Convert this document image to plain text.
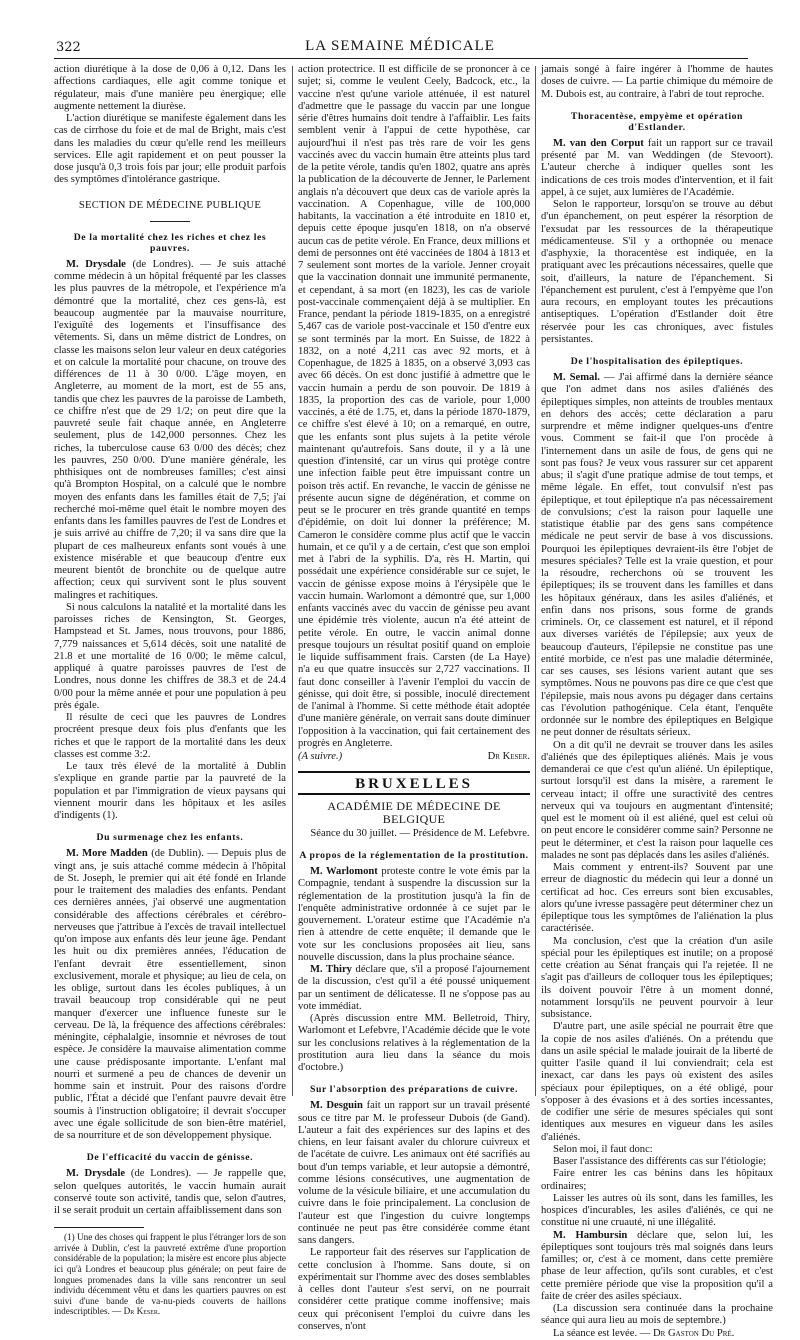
322	LA SEMAINE MÉDICALE

action diurétique à la dose de 0,06 à 0,12. Dans les affections cardiaques, elle agit comme tonique et régulateur, mais d'une manière peu énergique; elle augmente nettement la diurèse.

L'action diurétique se manifeste également dans les cas de cirrhose du foie et de mal de Bright, mais c'est dans les maladies du cœur qu'elle rend les meilleurs services. Elle agit rapidement et on peut pousser la dose jusqu'à 0,3 trois fois par jour; elle produit parfois des symptômes d'intolérance gastrique.

SECTION DE MÉDECINE PUBLIQUE
De la mortalité chez les riches et chez les pauvres.

M. Drysdale (de Londres). — Je suis attaché comme médecin à un hôpital fréquenté par les classes les plus pauvres de la métropole, et l'expérience m'a démontré que la mortalité, chez ces gens-là, est beaucoup augmentée par la mauvaise nourriture, l'exiguïté des logements et l'insuffisance des vêtements. Si, dans un même district de Londres, on classe les maisons selon leur valeur en deux catégories et on calcule la mortalité pour chacune, on trouve des différences de 11 à 30 0/00. L'âge moyen, en Angleterre, au moment de la mort, est de 55 ans, tandis que chez les pauvres de la paroisse de Lambeth, ce chiffre n'est que de 29 1/2; on peut dire que la pauvreté seule fait chaque année, en Angleterre seulement, plus de 142,000 personnes. Chez les riches, la tuberculose cause 63 0/00 des décès; chez les pauvres, 250 0/00. D'une manière générale, les phthisiques ont de nombreuses familles; c'est ainsi qu'à Brompton Hospital, on a calculé que le nombre moyen des enfants dans les familles était de 7,5; j'ai recherché moi-même quel était le nombre moyen des enfants dans les familles pauvres de l'est de Londres et je suis arrivé au chiffre de 7,20; il va sans dire que la plupart de ces malheureux enfants sont voués à une existence misérable et que beaucoup d'entre eux meurent bientôt de bronchite ou de quelque autre affection; ceux qui survivent sont le plus souvent malingres et rachitiques.

Si nous calculons la natalité et la mortalité dans les paroisses riches de Kensington, St. Georges, Hampstead et St. James, nous trouvons, pour 1886, 7,779 naissances et 5,614 décès, soit une natalité de 21.8 et une mortalité de 16 0/00; le même calcul, appliqué à quatre paroisses pauvres de l'est de Londres, nous donne les chiffres de 38.3 et de 24.4 0/00 pour la même année et pour une population à peu près égale.

Il résulte de ceci que les pauvres de Londres procréent presque deux fois plus d'enfants que les riches et que le rapport de la mortalité dans les deux classes est comme 3:2.

Le taux très élevé de la mortalité à Dublin s'explique en grande partie par la pauvreté de la population et par l'immigration de vieux paysans qui viennent mourir dans les hôpitaux et les asiles d'indigents (1).

Du surmenage chez les enfants.

M. More Madden (de Dublin). — Depuis plus de vingt ans, je suis attaché comme médecin à l'hôpital de St. Joseph, le premier qui ait été fondé en Irlande pour le traitement des maladies des enfants. Pendant ces dernières années, j'ai observé une augmentation considérable des affections cérébrales et cérébro-nerveuses que j'attribue à l'excès de travail intellectuel qu'on impose aux enfants dès leur jeune âge. Pendant les huit ou dix premières années, l'éducation de l'enfant devrait être essentiellement, sinon exclusivement, morale et physique; au lieu de cela, on les oblige, surtout dans les écoles publiques, à un travail beaucoup trop considérable qui ne peut manquer d'exercer une influence funeste sur le cerveau. De là, la fréquence des affections cérébrales: méningite, céphalalgie, insomnie et névroses de tout espèce. Je considère la mauvaise alimentation comme une cause prédisposante importante. L'enfant mal nourri et surmené a peu de chances de devenir un homme sain et instruit. Pour des raisons d'ordre public, l'État a décidé que l'enfant pauvre devait être soumis à l'instruction obligatoire; il devrait s'occuper avec une égale sollicitude de son bien-être matériel, de sa nourriture et de son développement physique.

De l'efficacité du vaccin de génisse.

M. Drysdale (de Londres). — Je rappelle que, selon quelques autorités, le vaccin humain aurait conservé toute son activité, tandis que, selon d'autres, il se serait produit un certain affaiblissement dans son

(1) Une des choses qui frappent le plus l'étranger lors de son arrivée à Dublin, c'est la pauvreté extrême d'une proportion considérable de la population; la misère est encore plus abjecte ici qu'à Londres et beaucoup plus générale; on peut faire de longues promenades dans la ville sans rencontrer un seul individu décemment vêtu et dans les quartiers pauvres on est suivi d'une bande de va-nu-pieds couverts de haillons indescriptibles. — Dr Keser.

action protectrice. Il est difficile de se prononcer à ce sujet; si, comme le veulent Ceely, Badcock, etc., la vaccine n'est qu'une variole atténuée, il est naturel d'admettre que le passage du vaccin par une longue série d'êtres humains doit tendre à l'affaiblir. Les faits semblent venir à l'appui de cette hypothèse, car aujourd'hui il n'est pas très rare de voir les gens vaccinés avec du vaccin humain être atteints plus tard de la petite vérole, tandis qu'en 1802, quatre ans après la publication de la découverte de Jenner, le Parlement anglais n'a découvert que deux cas de variole après la vaccination. A Copenhague, ville de 100,000 habitants, la vaccination a été introduite en 1810 et, depuis cette époque jusqu'en 1818, on n'a observé aucun cas de petite vérole. En France, deux millions et demi de personnes ont été vaccinées de 1804 à 1813 et 7 seulement sont mortes de la variole. Jenner croyait que la vaccination donnait une immunité permanente, et cependant, à sa mort (en 1823), les cas de variole post-vaccinale commençaient déjà à se multiplier. En France, pendant la période 1819-1835, on a enregistré 5,467 cas de variole post-vaccinale et 150 d'entre eux se sont terminés par la mort. En Suisse, de 1822 à 1832, on a noté 4,211 cas avec 92 morts, et à Copenhague, de 1825 à 1835, on a observé 3,093 cas avec 66 décès. On est donc justifié à admettre que le vaccin humain a perdu de son pouvoir. De 1819 à 1835, la proportion des cas de variole, pour 1,000 vaccinés, a été de 1.75, et, dans la période 1870-1879, ce chiffre s'est élevé à 10; on a remarqué, en outre, que les enfants sont plus sujets à la petite vérole maintenant qu'autrefois. Sans doute, il y a là une question d'intensité, car un virus qui protège contre une infection faible peut être impuissant contre un poison très actif. En revanche, le vaccin de génisse ne présente aucun signe de dégénération, et comme on peut se le procurer en très grande quantité en temps d'épidémie, on doit lui donner la préférence; M. Cameron le considère comme plus actif que le vaccin humain, et ce qu'il y a de certain, c'est que son emploi met à l'abri de la syphilis. D'a, rès H. Martin, qui possédait une expérience considérable sur ce sujet, le vaccin de génisse expose moins à l'érysipèle que le vaccin humain. Warlomont a démontré que, sur 1,000 enfants vaccinés avec du vaccin de génisse peu avant une épidémie très violente, aucun n'a été atteint de petite vérole. En outre, le vaccin animal donne presque toujours un résultat positif quand on emploie le liquide suffisamment frais. Carsten (de La Haye) n'a eu que quatre insuccès sur 2,727 vaccinations. Il faut donc conseiller à l'avenir l'emploi du vaccin de génisse, qui doit être, si possible, inoculé directement de l'animal à l'homme. Si cette méthode était adoptée d'une manière générale, on verrait sans doute diminuer l'opposition à la vaccination, qui fait certainement des progrès en Angleterre.

(A suivre.)	Dr Keser.
BRUXELLES
ACADÉMIE DE MÉDECINE DE BELGIQUE

Séance du 30 juillet. — Présidence de M. Lefebvre.

A propos de la réglementation de la prostitution.

M. Warlomont proteste contre le vote émis par la Compagnie, tendant à suspendre la discussion sur la réglementation de la prostitution jusqu'à la fin de l'enquête administrative ordonnée à ce sujet par le gouvernement. L'orateur estime que l'Académie n'a rien à attendre de cette enquête; il demande que le vote sur les conclusions proposées ait lieu, sans nouvelle discussion, dans la plus prochaine séance.

M. Thiry déclare que, s'il a proposé l'ajournement de la discussion, c'est qu'il a été poussé uniquement par un sentiment de délicatesse. Il ne s'oppose pas au vote immédiat.

(Après discussion entre MM. Belletroid, Thiry, Warlomont et Lefebvre, l'Académie décide que le vote sur les conclusions relatives à la réglementation de la prostitution aura lieu dans la séance du mois d'octobre.)

Sur l'absorption des préparations de cuivre.

M. Desguin fait un rapport sur un travail présenté sous ce titre par M. le professeur Dubois (de Gand). L'auteur a fait des expériences sur des lapins et des chiens, en leur faisant avaler du chlorure cuivreux et de l'acétate de cuivre. Les animaux ont été sacrifiés au bout d'un temps variable, et leur autopsie a démontré, comme lésions consécutives, une augmentation de volume de la vésicule biliaire, et une accumulation du cuivre dans le foie principalement. La conclusion de l'auteur est que l'ingestion du cuivre longtemps continuée ne peut pas être considérée comme étant sans dangers.

Le rapporteur fait des réserves sur l'application de cette conclusion à l'homme. Sans doute, si on expérimentait sur l'homme avec des doses semblables à celles dont l'auteur s'est servi, on ne pourrait considérer cette pratique comme inoffensive; mais ceux qui préconisent l'emploi du cuivre dans les conserves, n'ont

jamais songé à faire ingérer à l'homme de hautes doses de cuivre. — La partie chimique du mémoire de M. Dubois est, au contraire, à l'abri de tout reproche.

Thoracentèse, empyème et opération d'Estlander.

M. van den Corput fait un rapport sur ce travail présenté par M. van Weddingen (de Stevoort). L'auteur cherche à indiquer quelles sont les indications de ces trois modes d'intervention, et il fait appel, à ce sujet, aux lumières de l'Académie.

Selon le rapporteur, lorsqu'on se trouve au début d'un épanchement, on peut espérer la résorption de l'exsudat par les ressources de la thérapeutique médicamenteuse. S'il y a orthopnée ou menace d'asphyxie, la thoracentèse est indiquée, en la pratiquant avec les précautions nécessaires, quelle que soit, d'ailleurs, la nature de l'épanchement. Si l'épanchement est purulent, c'est à l'empyème que l'on aura recours, en employant toutes les précautions antiseptiques. L'opération d'Estlander doit être réservée pour les cas chroniques, avec fistules persistantes.

De l'hospitalisation des épileptiques.

M. Semal. — J'ai affirmé dans la dernière séance que l'on admet dans nos asiles d'aliénés des épileptiques simples, non atteints de troubles mentaux en dehors des accès; cette déclaration a paru surprendre et même indigner quelques-uns d'entre vous. Comment se fait-il que l'on procède à l'internement dans un asile de fous, de gens qui ne sont pas fous? Je veux vous rassurer sur cet apparent abus; il s'agit d'une pratique admise de tout temps, et même légale. En effet, tout convulsif n'est pas épileptique, et tout épileptique n'a pas nécessairement de convulsions; c'est la raison pour laquelle une statistique établie par des gens sans compétence médicale ne peut servir de base à vos discussions. Pourquoi les épileptiques devraient-ils être l'objet de mesures spéciales? Telle est la vraie question, et pour la résoudre, recherchons où se trouvent les épileptiques; ils se trouvent dans les familles et dans les hôpitaux généraux, dans les asiles d'aliénés, et enfin dans nos prisons, sous forme de grands criminels. Or, ce classement est naturel, et il répond aux diverses variétés de l'épilepsie; aux yeux de beaucoup d'auteurs, l'épilepsie ne constitue pas une entité morbide, ce n'est pas une maladie déterminée, car ses causes, ses lésions varient autant que ses symptômes. Nous ne pouvons pas dire ce que c'est que l'épilepsie, mais nous avons pu dégager dans certains cas l'évolution pathogénique. Cela étant, l'enquête ordonnée sur le nombre des épileptiques en Belgique ne peut donner de résultats sérieux.

On a dit qu'il ne devrait se trouver dans les asiles d'aliénés que des épileptiques aliénés. Mais je vous demanderai ce que c'est qu'un aliéné. Un épileptique, surtout lorsqu'il est dans la misère, a rarement le cerveau intact; il offre une suractivité des centres nerveux qui va toujours en augmentant d'intensité; quel est le moment où il est aliéné, quel est celui où on peut encore le considérer comme sain? Personne ne peut le déterminer, et c'est la raison pour laquelle ces malades ne sont pas déplacés dans les asiles d'aliénés.

Mais comment y entrent-ils? Souvent par une erreur de diagnostic du médecin qui leur a donné un certificat ad hoc. Ces erreurs sont bien excusables, alors qu'une ivresse passagère peut déterminer chez un épileptique tous les symptômes de l'aliénation la plus caractérisée.

Ma conclusion, c'est que la création d'un asile spécial pour les épileptiques est inutile; on a proposé cette création au Sénat français qui l'a rejetée. Il ne s'agit pas d'ailleurs de colloquer tous les épileptiques; ils doivent pouvoir l'être à un moment donné, notamment lorsqu'ils ne peuvent pourvoir à leur subsistance.

D'autre part, une asile spécial ne pourrait être que la copie de nos asiles d'aliénés. On a prétendu que dans un asile spécial le malade jouirait de la liberté de quitter l'asile quand il lui conviendrait; cela est inexact, car dans les pays où existent des asiles spéciaux pour épileptiques, on a été obligé, pour s'opposer à des évasions et à des sorties incessantes, de codifier une série de mesures spéciales qui sont identiques aux mesures en vigueur dans les asiles d'aliénés.

Selon moi, il faut donc:

Baser l'assistance des différents cas sur l'étiologie;

Faire entrer les cas bénins dans les hôpitaux ordinaires;

Laisser les autres où ils sont, dans les familles, les hospices d'incurables, les asiles d'aliénés, ce qui ne constitue ni une cruauté, ni une illégalité.

M. Hambursin déclare que, selon lui, les épileptiques sont toujours très mal soignés dans leurs familles; or, c'est à ce moment, dans cette première phase de leur affection, qu'ils sont curables, et c'est cette première période que vise la proposition qu'il a faite de créer des asiles spéciaux.

(La discussion sera continuée dans la prochaine séance qui aura lieu au mois de septembre.)

La séance est levée. — Dr Gaston Du Pré.
